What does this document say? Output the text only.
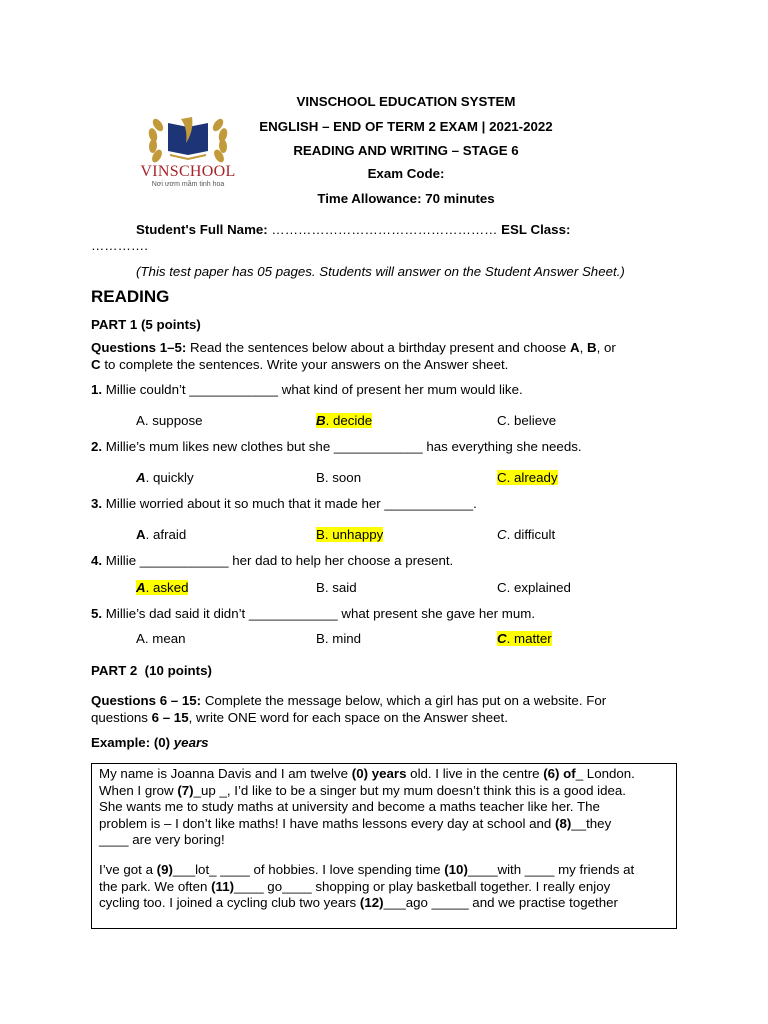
VINSCHOOL
Nơi ươm mầm tinh hoa
VINSCHOOL EDUCATION SYSTEM
ENGLISH – END OF TERM 2 EXAM | 2021-2022
READING AND WRITING – STAGE 6
Exam Code:
Time Allowance: 70 minutes
Student's Full Name: …………………………………………… ESL Class:
………….
(This test paper has 05 pages. Students will answer on the Student Answer Sheet.)
READING
PART 1 (5 points)
Questions 1–5: Read the sentences below about a birthday present and choose A, B, or
C to complete the sentences. Write your answers on the Answer sheet.
1. Millie couldn’t ____________ what kind of present her mum would like.
A. suppose	B. decide	C. believe
2. Millie’s mum likes new clothes but she ____________ has everything she needs.
A. quickly	B. soon	C. already
3. Millie worried about it so much that it made her ____________.
A. afraid	B. unhappy	C. difficult
4. Millie ____________ her dad to help her choose a present.
A. asked	B. said	C. explained
5. Millie’s dad said it didn’t ____________ what present she gave her mum.
A. mean	B. mind	C. matter
PART 2  (10 points)
Questions 6 – 15: Complete the message below, which a girl has put on a website. For
questions 6 – 15, write ONE word for each space on the Answer sheet.
Example: (0) years

My name is Joanna Davis and I am twelve (0) years old. I live in the centre (6) of_ London.
When I grow (7)_up _, I’d like to be a singer but my mum doesn’t think this is a good idea.
She wants me to study maths at university and become a maths teacher like her. The
problem is – I don’t like maths! I have maths lessons every day at school and (8)__they
____ are very boring!

I’ve got a (9)___lot_ ____ of hobbies. I love spending time (10)____with ____ my friends at
the park. We often (11)____ go____ shopping or play basketball together. I really enjoy
cycling too. I joined a cycling club two years (12)___ago _____ and we practise together
